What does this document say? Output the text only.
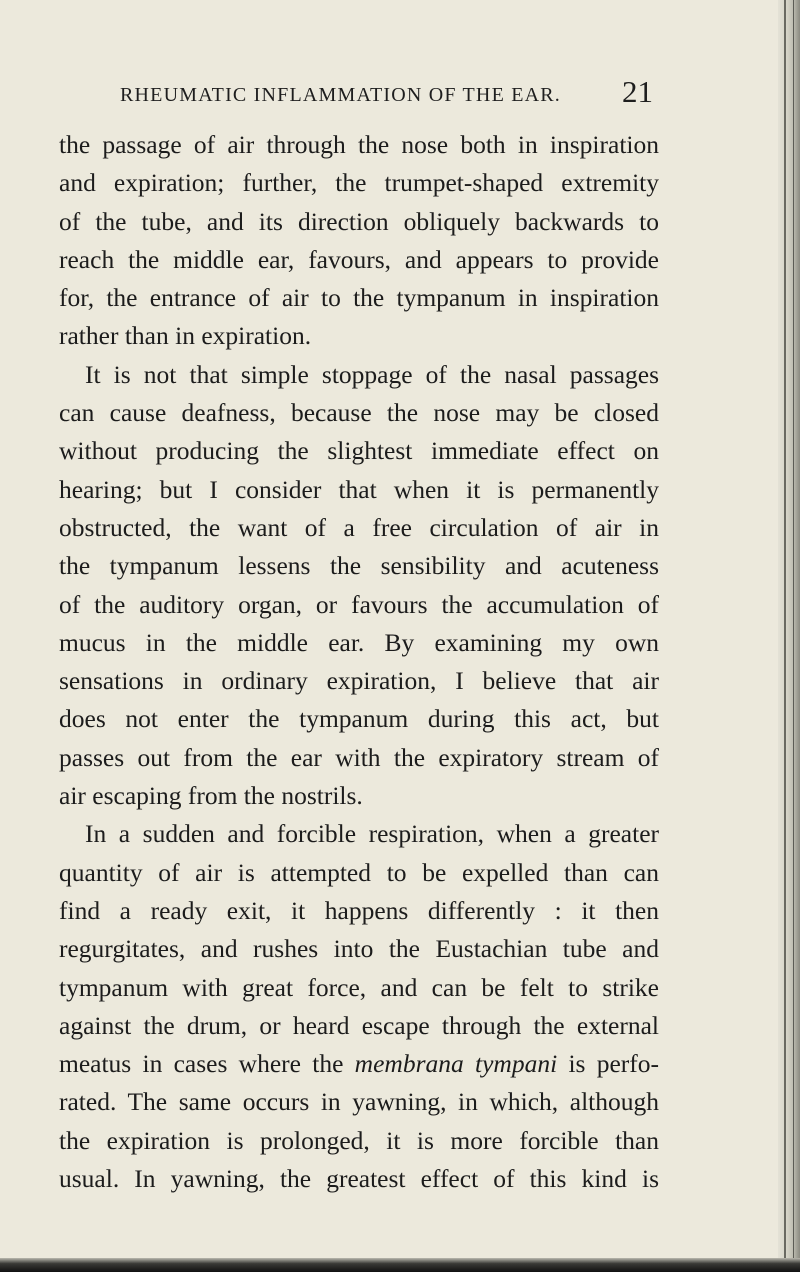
RHEUMATIC INFLAMMATION OF THE EAR. 21
the passage of air through the nose both in inspiration
and expiration; further, the trumpet-shaped extremity
of the tube, and its direction obliquely backwards to
reach the middle ear, favours, and appears to provide
for, the entrance of air to the tympanum in inspiration
rather than in expiration.
It is not that simple stoppage of the nasal passages
can cause deafness, because the nose may be closed
without producing the slightest immediate effect on
hearing; but I consider that when it is permanently
obstructed, the want of a free circulation of air in
the tympanum lessens the sensibility and acuteness
of the auditory organ, or favours the accumulation of
mucus in the middle ear. By examining my own
sensations in ordinary expiration, I believe that air
does not enter the tympanum during this act, but
passes out from the ear with the expiratory stream of
air escaping from the nostrils.
In a sudden and forcible respiration, when a greater
quantity of air is attempted to be expelled than can
find a ready exit, it happens differently : it then
regurgitates, and rushes into the Eustachian tube and
tympanum with great force, and can be felt to strike
against the drum, or heard escape through the external
meatus in cases where the membrana tympani is perfo-
rated. The same occurs in yawning, in which, although
the expiration is prolonged, it is more forcible than
usual. In yawning, the greatest effect of this kind is
